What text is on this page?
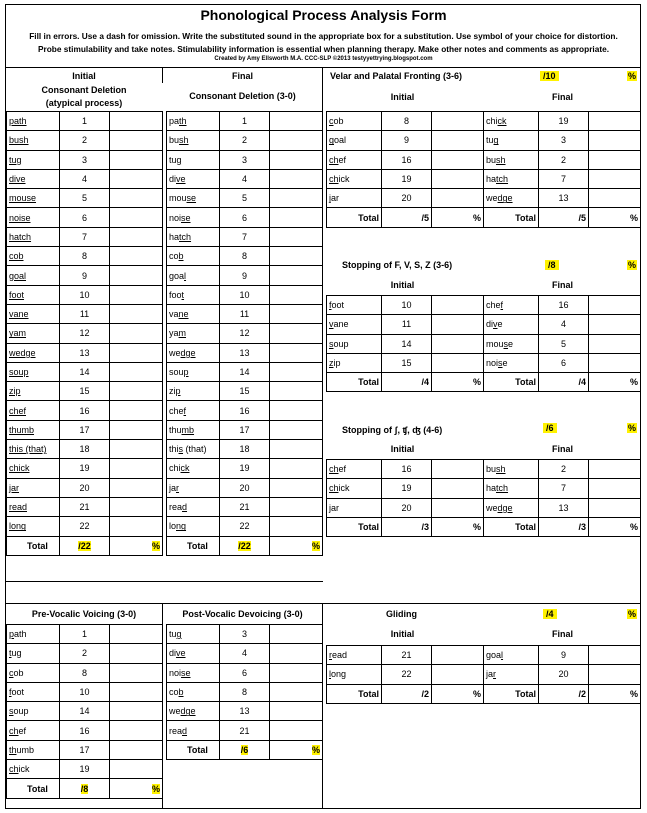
Phonological Process Analysis Form
Fill in errors. Use a dash for omission. Write the substituted sound in the appropriate box for a substitution. Use symbol of your choice for distortion.
Probe stimulability and take notes. Stimulability information is essential when planning therapy. Make other notes and comments as appropriate.
Created by Amy Ellsworth M.A. CCC-SLP ©2013 testyyettrying.blogspot.com
Initial
Consonant Deletion
(atypical process)
Final
Consonant Deletion (3-0)
path	1	
bush	2	
tug	3	
dive	4	
mouse	5	
noise	6	
hatch	7	
cob	8	
goal	9	
foot	10	
vane	11	
yam	12	
wedge	13	
soup	14	
zip	15	
chef	16	
thumb	17	
this (that)	18	
chick	19	
jar	20	
read	21	
long	22	
Total	/22	%
path	1	
bush	2	
tug	3	
dive	4	
mouse	5	
noise	6	
hatch	7	
cob	8	
goal	9	
foot	10	
vane	11	
yam	12	
wedge	13	
soup	14	
zip	15	
chef	16	
thumb	17	
this (that)	18	
chick	19	
jar	20	
read	21	
long	22	
Total	/22	%
Velar and Palatal Fronting (3-6)	/10	%
Initial	Final
cob	8		chick	19	
goal	9		tug	3	
chef	16		bush	2	
chick	19		hatch	7	
jar	20		wedge	13	
Total	/5	%	Total	/5	%
Stopping of F, V, S, Z (3-6)	/8	%
Initial	Final
foot	10		chef	16	
vane	11		dive	4	
soup	14		mouse	5	
zip	15		noise	6	
Total	/4	%	Total	/4	%
Stopping of ʃ, ʧ, ʤ (4-6)	/6	%
Initial	Final
chef	16		bush	2	
chick	19		hatch	7	
jar	20		wedge	13	
Total	/3	%	Total	/3	%
Pre-Vocalic Voicing (3-0)
path	1	
tug	2	
cob	8	
foot	10	
soup	14	
chef	16	
thumb	17	
chick	19	
Total	/8	%
Post-Vocalic Devoicing (3-0)
tug	3	
dive	4	
noise	6	
cob	8	
wedge	13	
read	21	
Total	/6	%
Gliding	/4	%
Initial	Final
read	21		goal	9	
long	22		jar	20	
Total	/2	%	Total	/2	%
